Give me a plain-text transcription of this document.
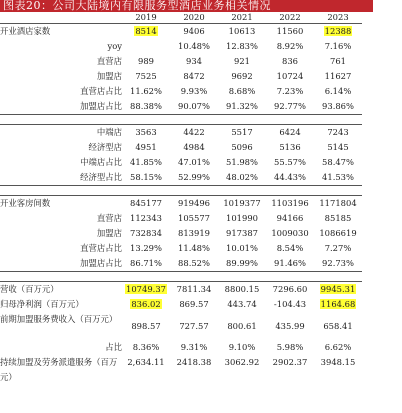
图表20：公司大陆境内有限服务型酒店业务相关情况
	2019	2020	2021	2022	2023
开业酒店家数	8514	9406	10613	11560	12388
yoy		10.48%	12.83%	8.92%	7.16%
直营店	989	934	921	836	761
加盟店	7525	8472	9692	10724	11627
直营店占比	11.62%	9.93%	8.68%	7.23%	6.14%
加盟店占比	88.38%	90.07%	91.32%	92.77%	93.86%

中端店	3563	4422	5517	6424	7243
经济型店	4951	4984	5096	5136	5145
中端店占比	41.85%	47.01%	51.98%	55.57%	58.47%
经济型占比	58.15%	52.99%	48.02%	44.43%	41.53%

开业客房间数	845177	919496	1019377	1103196	1171804
直营店	112343	105577	101990	94166	85185
加盟店	732834	813919	917387	1009030	1086619
直营店占比	13.29%	11.48%	10.01%	8.54%	7.27%
加盟店占比	86.71%	88.52%	89.99%	91.46%	92.73%

营收（百万元）	10749.37	7811.34	8800.15	7296.60	9945.31
归母净利润（百万元）	836.02	869.57	443.74	-104.43	1164.68
前期加盟服务费收入（百万元）	898.57	727.57	800.61	435.99	658.41
占比	8.36%	9.31%	9.10%	5.98%	6.62%
持续加盟及劳务派遣服务（百万元）	2,634.11	2418.38	3062.92	2902.37	3948.15
